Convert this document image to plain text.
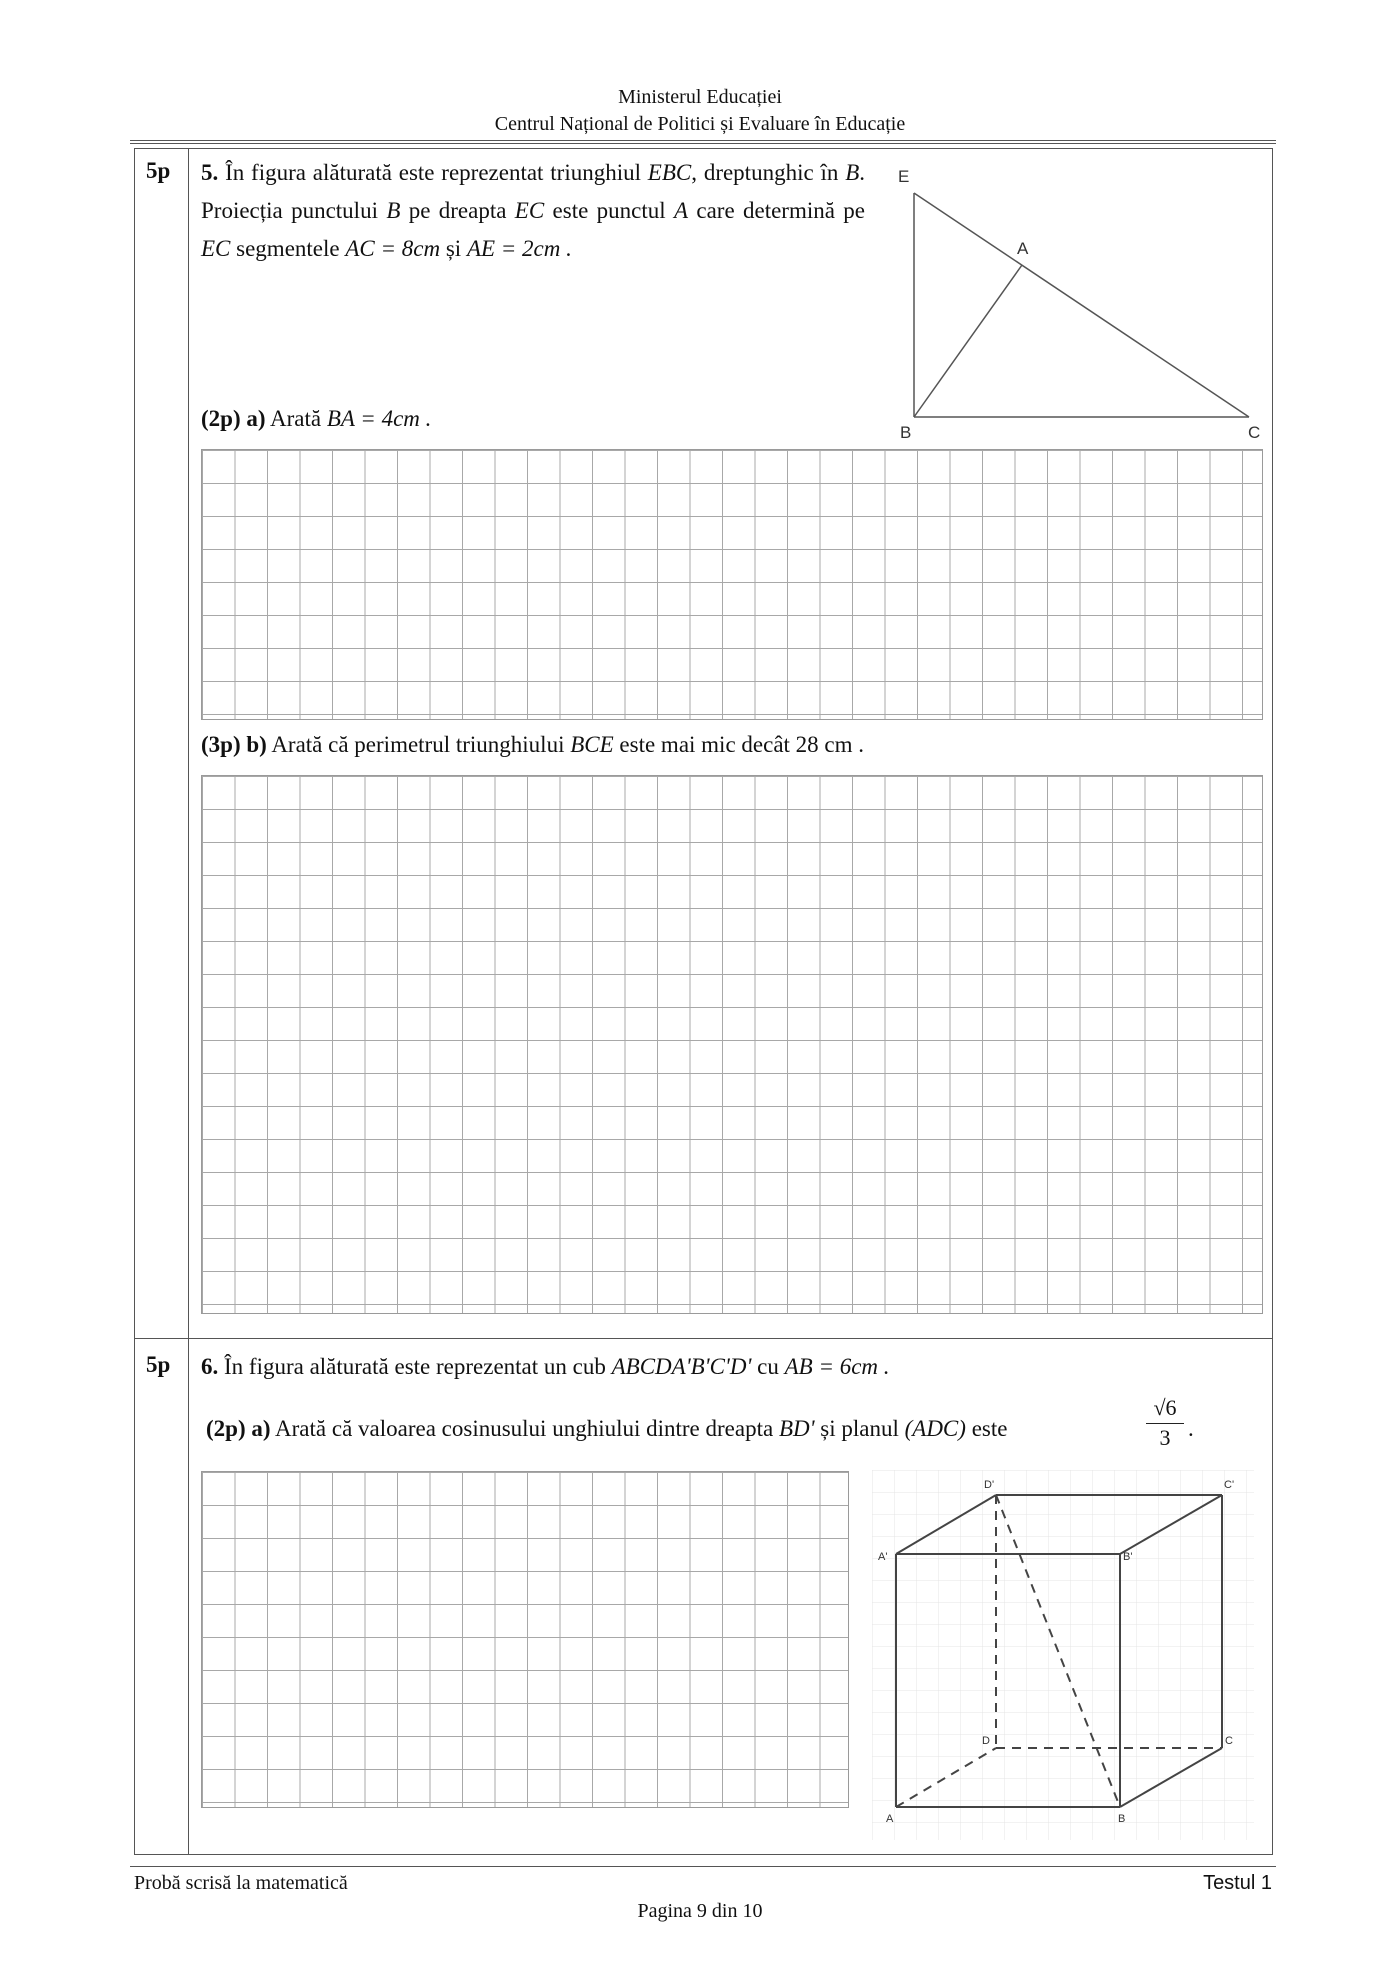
Ministerul Educației
Centrul Național de Politici și Evaluare în Educație
5p 5. În figura alăturată este reprezentat triunghiul EBC, dreptunghic în B. Proiecția punctului B pe dreapta EC este punctul A care determină pe EC segmentele AC = 8cm și AE = 2cm .
E
A
B	C
(2p) a) Arată BA = 4cm .
(3p) b) Arată că perimetrul triunghiului BCE este mai mic decât 28 cm .
5p 6. În figura alăturată este reprezentat un cub ABCDA'B'C'D' cu AB = 6cm .
(2p) a) Arată că valoarea cosinusului unghiului dintre dreapta BD' și planul (ADC) este	$\frac{√6}{3}$ .
D'	C'
A'	B'
D	C
A	B
Probă scrisă la matematică	Testul 1
Pagina 9 din 10
